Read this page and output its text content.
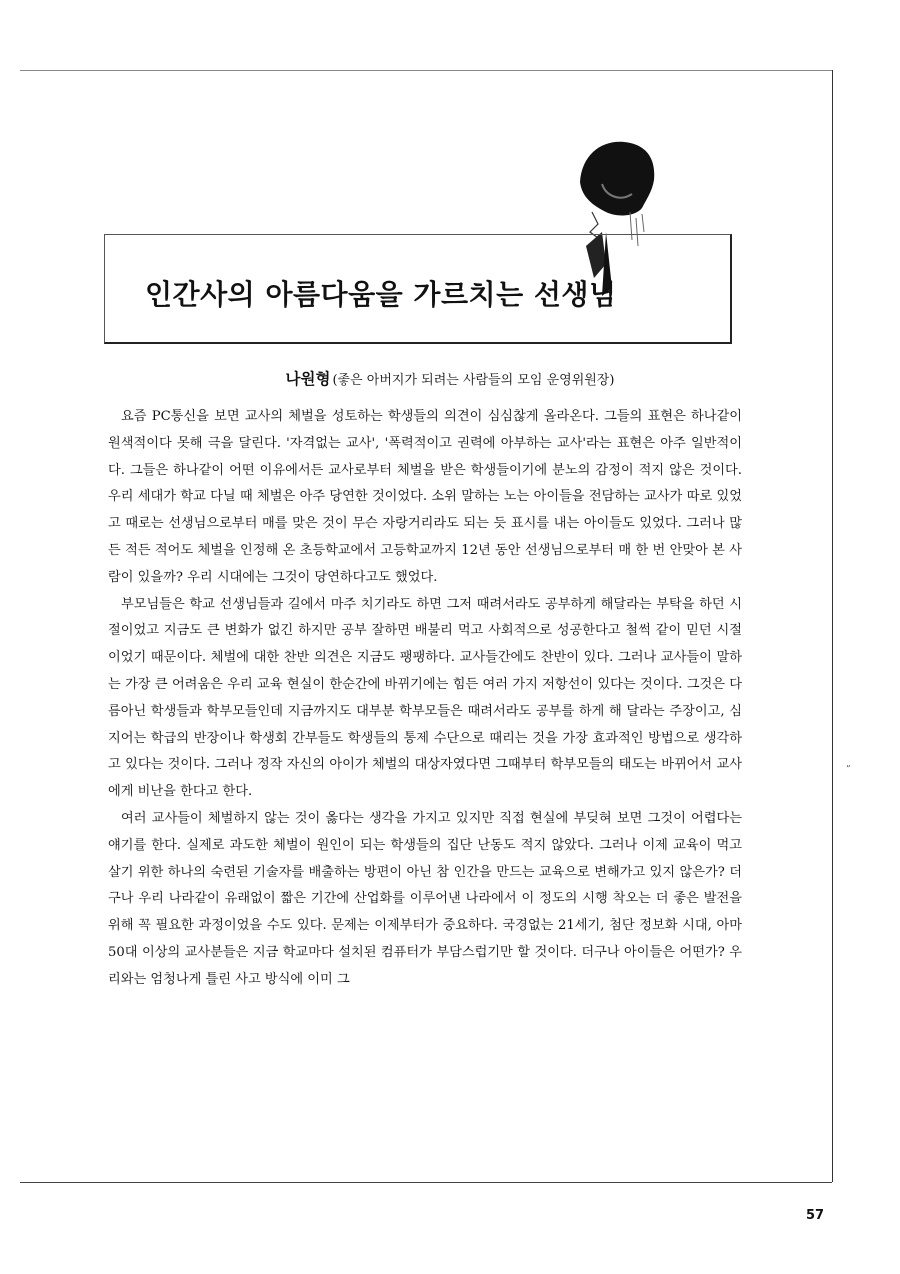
”
인간사의 아름다움을 가르치는 선생님
나원형 (좋은 아버지가 되려는 사람들의 모임 운영위원장)

요즘 PC통신을 보면 교사의 체벌을 성토하는 학생들의 의견이 심심찮게 올라온다. 그들의 표현은 하나같이 원색적이다 못해 극을 달린다. '자격없는 교사', '폭력적이고 권력에 아부하는 교사'라는 표현은 아주 일반적이다. 그들은 하나같이 어떤 이유에서든 교사로부터 체벌을 받은 학생들이기에 분노의 감정이 적지 않은 것이다. 우리 세대가 학교 다닐 때 체벌은 아주 당연한 것이었다. 소위 말하는 노는 아이들을 전담하는 교사가 따로 있었고 때로는 선생님으로부터 매를 맞은 것이 무슨 자랑거리라도 되는 듯 표시를 내는 아이들도 있었다. 그러나 많든 적든 적어도 체벌을 인정해 온 초등학교에서 고등학교까지 12년 동안 선생님으로부터 매 한 번 안맞아 본 사람이 있을까? 우리 시대에는 그것이 당연하다고도 했었다.

부모님들은 학교 선생님들과 길에서 마주 치기라도 하면 그저 때려서라도 공부하게 해달라는 부탁을 하던 시절이었고 지금도 큰 변화가 없긴 하지만 공부 잘하면 배불리 먹고 사회적으로 성공한다고 철썩 같이 믿던 시절이었기 때문이다. 체벌에 대한 찬반 의견은 지금도 팽팽하다. 교사들간에도 찬반이 있다. 그러나 교사들이 말하는 가장 큰 어려움은 우리 교육 현실이 한순간에 바뀌기에는 힘든 여러 가지 저항선이 있다는 것이다. 그것은 다름아닌 학생들과 학부모들인데 지금까지도 대부분 학부모들은 때려서라도 공부를 하게 해 달라는 주장이고, 심지어는 학급의 반장이나 학생회 간부들도 학생들의 통제 수단으로 때리는 것을 가장 효과적인 방법으로 생각하고 있다는 것이다. 그러나 정작 자신의 아이가 체벌의 대상자였다면 그때부터 학부모들의 태도는 바뀌어서 교사에게 비난을 한다고 한다.

여러 교사들이 체벌하지 않는 것이 옳다는 생각을 가지고 있지만 직접 현실에 부딪혀 보면 그것이 어렵다는 얘기를 한다. 실제로 과도한 체벌이 원인이 되는 학생들의 집단 난동도 적지 않았다. 그러나 이제 교육이 먹고 살기 위한 하나의 숙련된 기술자를 배출하는 방편이 아닌 참 인간을 만드는 교육으로 변해가고 있지 않은가? 더구나 우리 나라같이 유래없이 짧은 기간에 산업화를 이루어낸 나라에서 이 정도의 시행 착오는 더 좋은 발전을 위해 꼭 필요한 과정이었을 수도 있다. 문제는 이제부터가 중요하다. 국경없는 21세기, 첨단 정보화 시대, 아마 50대 이상의 교사분들은 지금 학교마다 설치된 컴퓨터가 부담스럽기만 할 것이다. 더구나 아이들은 어떤가? 우리와는 엄청나게 틀린 사고 방식에 이미 그

57
